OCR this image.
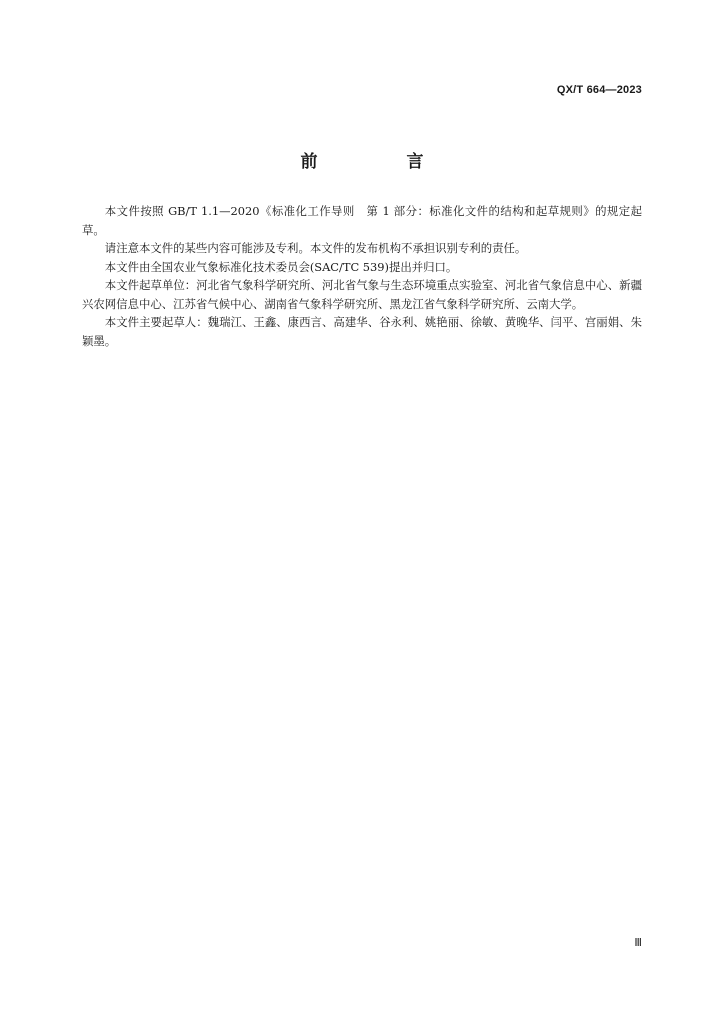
QX/T 664—2023
前　言

本文件按照 GB/T 1.1—2020《标准化工作导则　第 1 部分：标准化文件的结构和起草规则》的规定起草。

请注意本文件的某些内容可能涉及专利。本文件的发布机构不承担识别专利的责任。

本文件由全国农业气象标准化技术委员会(SAC/TC 539)提出并归口。

本文件起草单位：河北省气象科学研究所、河北省气象与生态环境重点实验室、河北省气象信息中心、新疆兴农网信息中心、江苏省气候中心、湖南省气象科学研究所、黑龙江省气象科学研究所、云南大学。

本文件主要起草人：魏瑞江、王鑫、康西言、高建华、谷永利、姚艳丽、徐敏、黄晚华、闫平、宫丽娟、朱颖墨。

Ⅲ
